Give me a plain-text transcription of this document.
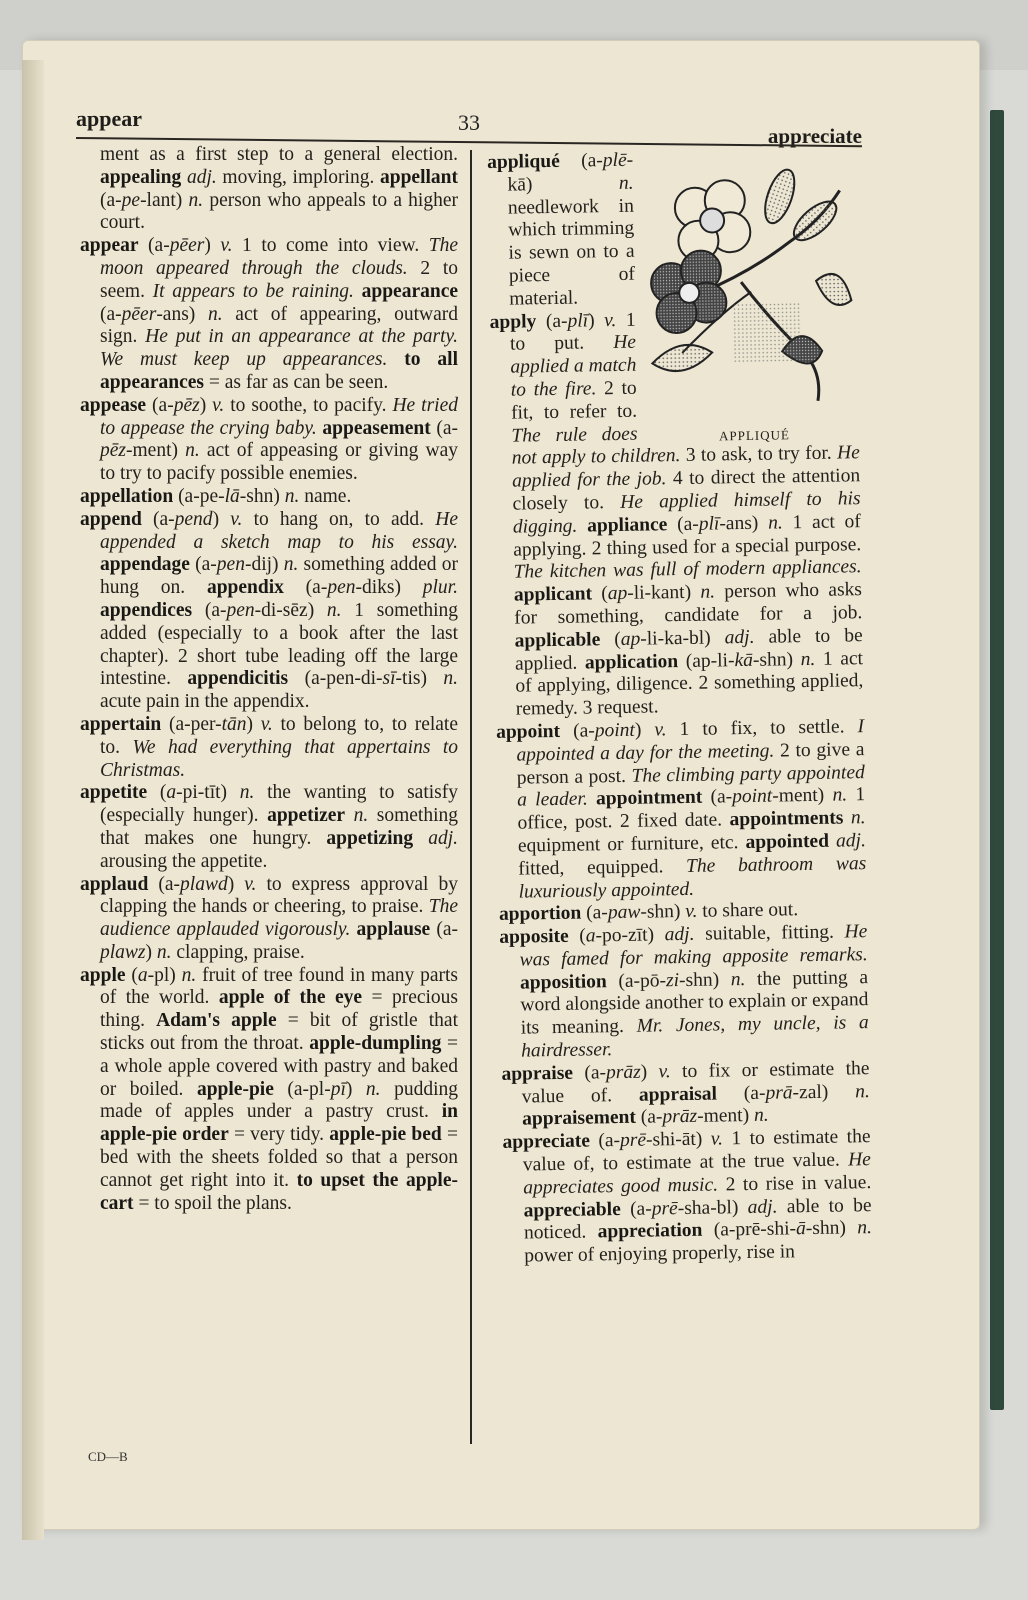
appear	33
appreciate

ment as a first step to a general election. appealing adj. moving, imploring. appellant (a-pe-lant) n. person who appeals to a higher court.

appear (a-pēer) v. 1 to come into view. The moon appeared through the clouds. 2 to seem. It appears to be raining. appearance (a-pēer-ans) n. act of appearing, outward sign. He put in an appearance at the party. We must keep up appearances. to all appearances = as far as can be seen.

appease (a-pēz) v. to soothe, to pacify. He tried to appease the crying baby. appeasement (a-pēz-ment) n. act of appeasing or giving way to try to pacify possible enemies.

appellation (a-pe-lā-shn) n. name.

append (a-pend) v. to hang on, to add. He appended a sketch map to his essay. appendage (a-pen-dij) n. something added or hung on. appendix (a-pen-diks) plur. appendices (a-pen-di-sēz) n. 1 something added (especially to a book after the last chapter). 2 short tube leading off the large intestine. appendicitis (a-pen-di-sī-tis) n. acute pain in the appendix.

appertain (a-per-tān) v. to belong to, to relate to. We had everything that appertains to Christmas.

appetite (a-pi-tīt) n. the wanting to satisfy (especially hunger). appetizer n. something that makes one hungry. appetizing adj. arousing the appetite.

applaud (a-plawd) v. to express approval by clapping the hands or cheering, to praise. The audience applauded vigorously. applause (a-plawz) n. clapping, praise.

apple (a-pl) n. fruit of tree found in many parts of the world. apple of the eye = precious thing. Adam's apple = bit of gristle that sticks out from the throat. apple-dumpling = a whole apple covered with pastry and baked or boiled. apple-pie (a-pl-pī) n. pudding made of apples under a pastry crust. in apple-pie order = very tidy. apple-pie bed = bed with the sheets folded so that a person cannot get right into it. to upset the apple-cart = to spoil the plans.

APPLIQUÉ

appliqué (a-plē-kā) n. needlework in which trimming is sewn on to a piece of material.

apply (a-plī) v. 1 to put. He applied a match to the fire. 2 to fit, to refer to. The rule does not apply to children. 3 to ask, to try for. He applied for the job. 4 to direct the attention closely to. He applied himself to his digging. appliance (a-plī-ans) n. 1 act of applying. 2 thing used for a special purpose. The kitchen was full of modern appliances. applicant (ap-li-kant) n. person who asks for something, candidate for a job. applicable (ap-li-ka-bl) adj. able to be applied. application (ap-li-kā-shn) n. 1 act of applying, diligence. 2 something applied, remedy. 3 request.

appoint (a-point) v. 1 to fix, to settle. I appointed a day for the meeting. 2 to give a person a post. The climbing party appointed a leader. appointment (a-point-ment) n. 1 office, post. 2 fixed date. appointments n. equipment or furniture, etc. appointed adj. fitted, equipped. The bathroom was luxuriously appointed.

apportion (a-paw-shn) v. to share out.

apposite (a-po-zīt) adj. suitable, fitting. He was famed for making apposite remarks. apposition (a-pō-zi-shn) n. the putting a word alongside another to explain or expand its meaning. Mr. Jones, my uncle, is a hairdresser.

appraise (a-prāz) v. to fix or estimate the value of. appraisal (a-prā-zal) n. appraisement (a-prāz-ment) n.

appreciate (a-prē-shi-āt) v. 1 to estimate the value of, to estimate at the true value. He appreciates good music. 2 to rise in value. appreciable (a-prē-sha-bl) adj. able to be noticed. appreciation (a-prē-shi-ā-shn) n. power of enjoying properly, rise in

CD—B
